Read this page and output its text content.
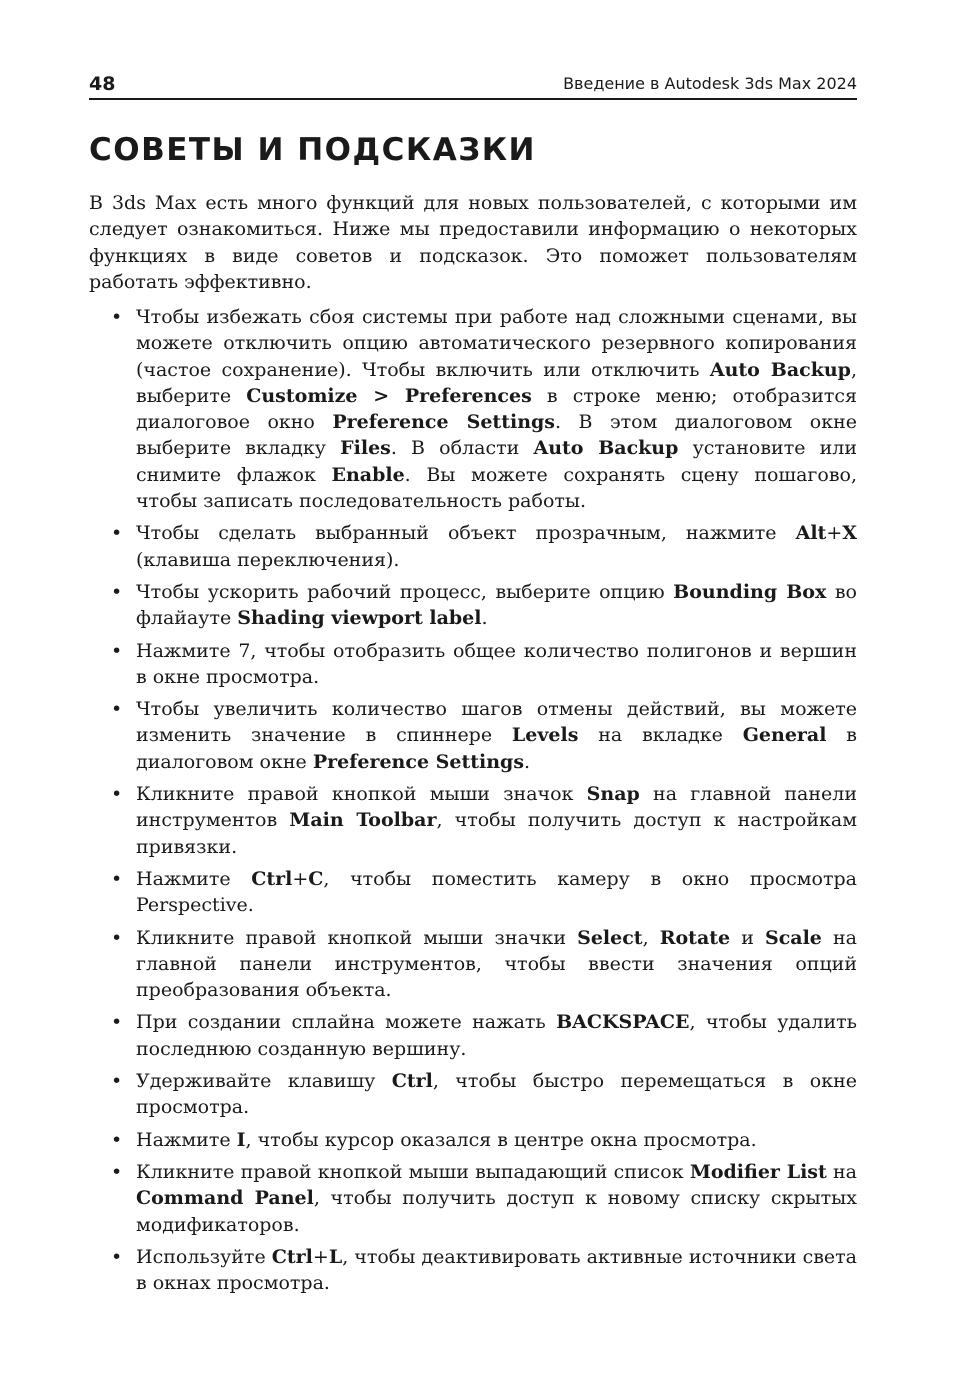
48	Введение в Autodesk 3ds Max 2024
СОВЕТЫ И ПОДСКАЗКИ

В 3ds Max есть много функций для новых пользователей, с которыми им следует ознакомиться. Ниже мы предоставили информацию о некоторых функциях в виде советов и подсказок. Это поможет пользователям работать эффективно.

• Чтобы избежать сбоя системы при работе над сложными сценами, вы можете отключить опцию автоматического резервного копирования (частое сохранение). Чтобы включить или отключить Auto Backup, выберите Customize > Preferences в строке меню; отобразится диалоговое окно Preference Settings. В этом диалоговом окне выберите вкладку Files. В области Auto Backup установите или снимите флажок Enable. Вы можете сохранять сцену пошагово, чтобы записать последовательность работы.
• Чтобы сделать выбранный объект прозрачным, нажмите Alt+X (клавиша переключения).
• Чтобы ускорить рабочий процесс, выберите опцию Bounding Box во флайауте Shading viewport label.
• Нажмите 7, чтобы отобразить общее количество полигонов и вершин в окне просмотра.
• Чтобы увеличить количество шагов отмены действий, вы можете изменить значение в спиннере Levels на вкладке General в диалоговом окне Preference Settings.
• Кликните правой кнопкой мыши значок Snap на главной панели инструментов Main Toolbar, чтобы получить доступ к настройкам привязки.
• Нажмите Ctrl+C, чтобы поместить камеру в окно просмотра Perspective.
• Кликните правой кнопкой мыши значки Select, Rotate и Scale на главной панели инструментов, чтобы ввести значения опций преобразования объекта.
• При создании сплайна можете нажать BACKSPACE, чтобы удалить последнюю созданную вершину.
• Удерживайте клавишу Ctrl, чтобы быстро перемещаться в окне просмотра.
• Нажмите I, чтобы курсор оказался в центре окна просмотра.
• Кликните правой кнопкой мыши выпадающий список Modifier List на Command Panel, чтобы получить доступ к новому списку скрытых модификаторов.
• Используйте Ctrl+L, чтобы деактивировать активные источники света в окнах просмотра.
